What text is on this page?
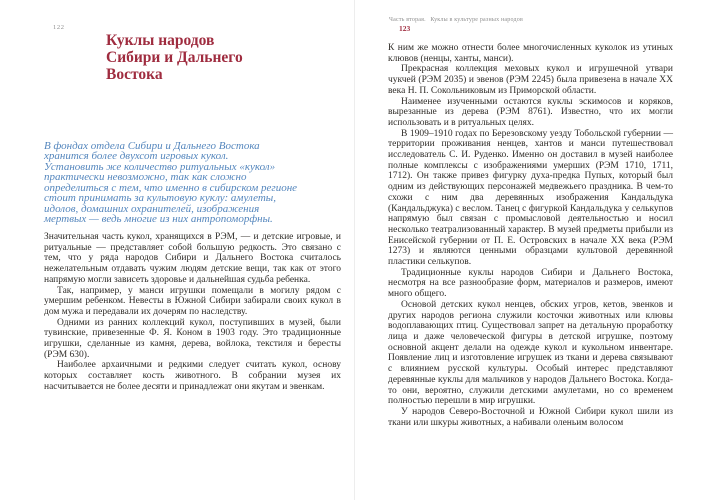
122
Куклы народов
Сибири и Дальнего
Востока
В фондах отдела Сибири и Дальнего Востока
хранится более двухсот игровых кукол.
Установить же количество ритуальных «кукол»
практически невозможно, так как сложно
определиться с тем, что именно в сибирском регионе
стоит принимать за культовую куклу: амулеты,
идолов, домашних охранителей, изображения
мертвых — ведь многие из них антропоморфны.

Значительная часть кукол, хранящихся в РЭМ, — и детские игровые, и ритуальные — представляет собой большую редкость. Это связано с тем, что у ряда народов Сибири и Дальнего Востока считалось нежелательным отдавать чужим людям детские вещи, так как от этого напрямую могли зависеть здоровье и дальнейшая судьба ребенка.

Так, например, у манси игрушки помещали в могилу рядом с умершим ребенком. Невесты в Южной Сибири забирали своих кукол в дом мужа и передавали их дочерям по наследству.

Одними из ранних коллекций кукол, поступивших в музей, были тувинские, привезенные Ф. Я. Коном в 1903 году. Это традиционные игрушки, сделанные из камня, дерева, войлока, текстиля и бересты (РЭМ 630).

Наиболее архаичными и редкими следует считать кукол, основу которых составляет кость животного. В собрании музея их насчитывается не более десяти и принадлежат они якутам и эвенкам.

Часть вторая. Куклы в культуре разных народов
123

К ним же можно отнести более многочисленных куколок из утиных клювов (ненцы, ханты, манси).

Прекрасная коллекция меховых кукол и игрушечной утвари чукчей (РЭМ 2035) и эвенов (РЭМ 2245) была привезена в начале XX века Н. П. Сокольниковым из Приморской области.

Наименее изученными остаются куклы эскимосов и коряков, вырезанные из дерева (РЭМ 8761). Известно, что их могли использовать и в ритуальных целях.

В 1909–1910 годах по Березовскому уезду Тобольской губернии — территории проживания ненцев, хантов и манси путешествовал исследователь С. И. Руденко. Именно он доставил в музей наиболее полные комплексы с изображениями умерших (РЭМ 1710, 1711, 1712). Он также привез фигурку духа-предка Пупых, который был одним из действующих персонажей медвежьего праздника. В чем-то схожи с ним два деревянных изображения Кандальдука (Кандальджука) с веслом. Танец с фигуркой Кандальдука у селькупов напрямую был связан с промысловой деятельностью и носил несколько театрализованный характер. В музей предметы прибыли из Енисейской губернии от П. Е. Островских в начале XX века (РЭМ 1273) и являются ценными образцами культовой деревянной пластики селькупов.

Традиционные куклы народов Сибири и Дальнего Востока, несмотря на все разнообразие форм, материалов и размеров, имеют много общего.

Основой детских кукол ненцев, обских угров, кетов, эвенков и других народов региона служили косточки животных или клювы водоплавающих птиц. Существовал запрет на детальную проработку лица и даже человеческой фигуры в детской игрушке, поэтому основной акцент делали на одежде кукол и кукольном инвентаре. Появление лиц и изготовление игрушек из ткани и дерева связывают с влиянием русской культуры. Особый интерес представляют деревянные куклы для мальчиков у народов Дальнего Востока. Когда-то они, вероятно, служили детскими амулетами, но со временем полностью перешли в мир игрушки.

У народов Северо-Восточной и Южной Сибири кукол шили из ткани или шкуры животных, а набивали оленьим волосом
